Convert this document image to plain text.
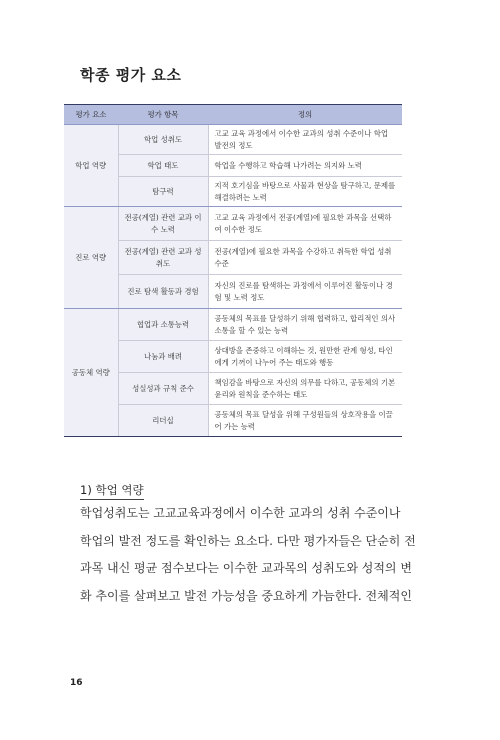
학종 평가 요소
평가 요소	평가 항목	정의
학업 역량	학업 성취도	고교 교육 과정에서 이수한 교과의 성취 수준이나 학업 발전의 정도
	학업 태도	학업을 수행하고 학습해 나가려는 의지와 노력
	탐구력	지적 호기심을 바탕으로 사물과 현상을 탐구하고, 문제를 해결하려는 노력
진로 역량	전공(계열) 관련 교과 이수 노력	고교 교육 과정에서 전공(계열)에 필요한 과목을 선택하여 이수한 정도
	전공(계열) 관련 교과 성취도	전공(계열)에 필요한 과목을 수강하고 취득한 학업 성취 수준
	진로 탐색 활동과 경험	자신의 진로를 탐색하는 과정에서 이루어진 활동이나 경험 및 노력 정도
공동체 역량	협업과 소통능력	공동체의 목표를 달성하기 위해 협력하고, 합리적인 의사소통을 할 수 있는 능력
	나눔과 배려	상대방을 존중하고 이해하는 것, 원만한 관계 형성, 타인에게 기꺼이 나누어 주는 태도와 행동
	성실성과 규칙 준수	책임감을 바탕으로 자신의 의무를 다하고, 공동체의 기본 윤리와 원칙을 준수하는 태도
	리더십	공동체의 목표 달성을 위해 구성원들의 상호작용을 이끌어 가는 능력
1) 학업 역량

학업성취도는 고교교육과정에서 이수한 교과의 성취 수준이나
학업의 발전 정도를 확인하는 요소다. 다만 평가자들은 단순히 전
과목 내신 평균 점수보다는 이수한 교과목의 성취도와 성적의 변
화 추이를 살펴보고 발전 가능성을 중요하게 가늠한다. 전체적인

16
